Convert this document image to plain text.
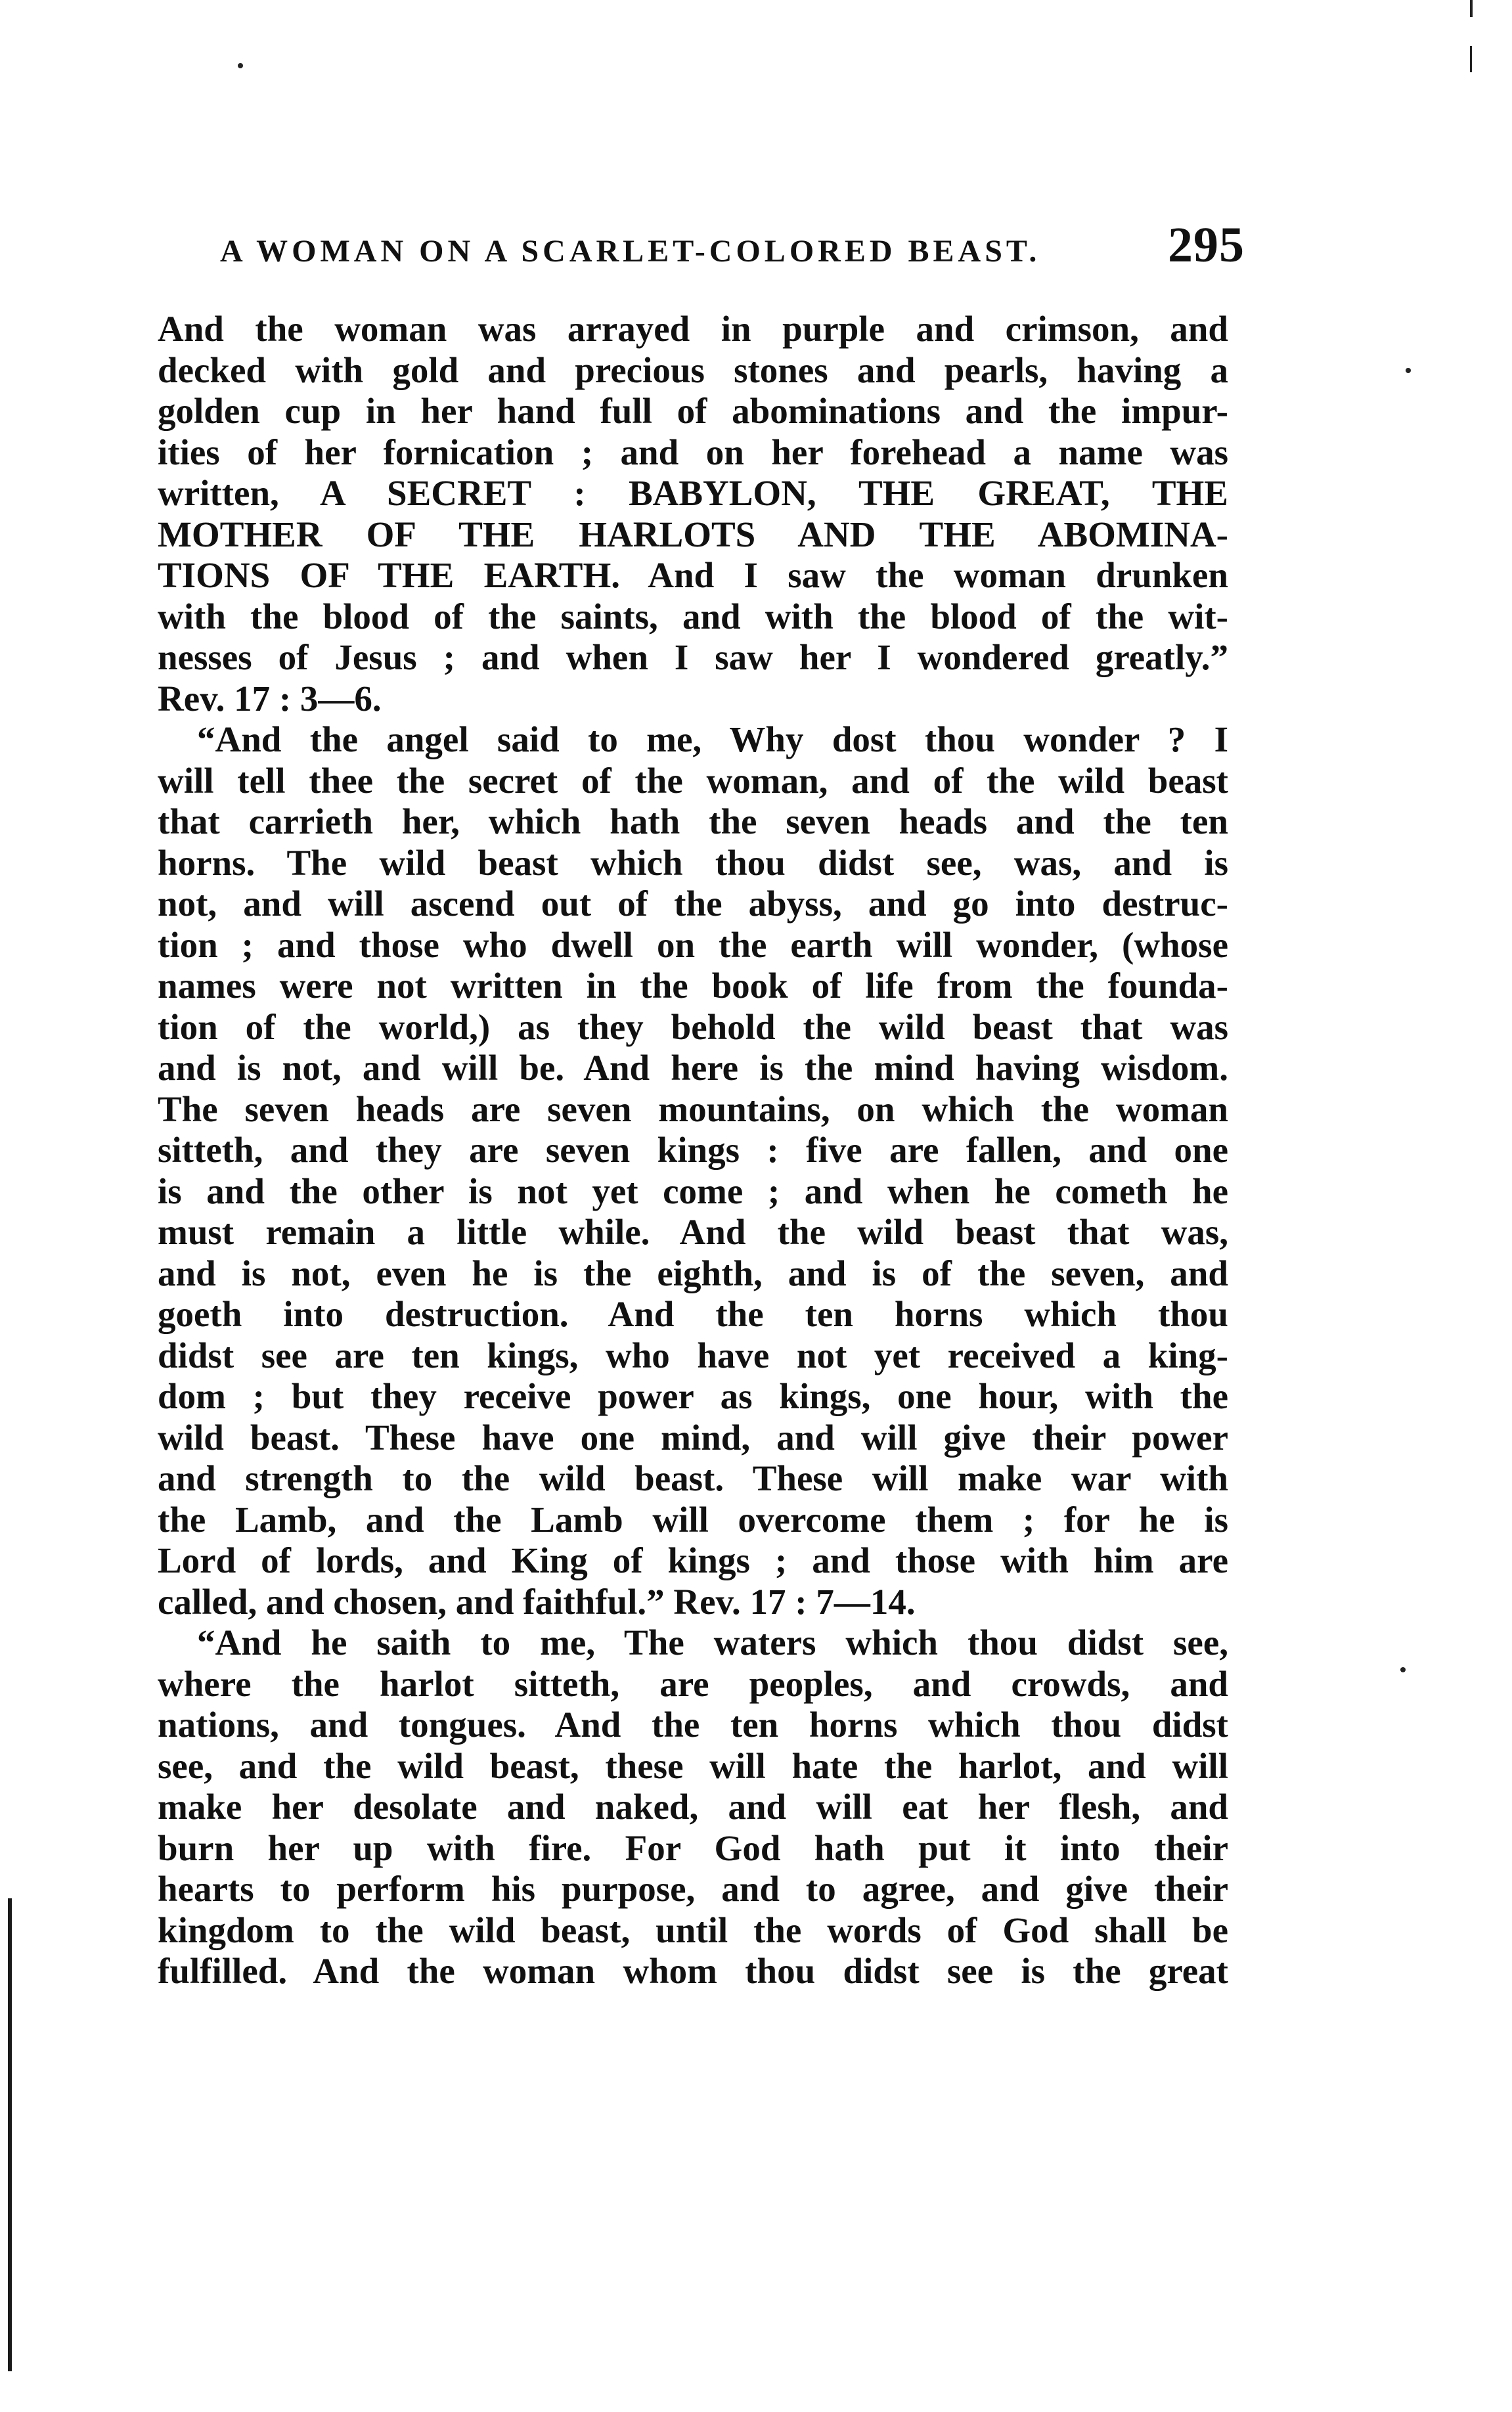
A WOMAN ON A SCARLET-COLORED BEAST.	295
And the woman was arrayed in purple and crimson, and
decked with gold and precious stones and pearls, having a
golden cup in her hand full of abominations and the impur-
ities of her fornication ; and on her forehead a name was
written, A SECRET : BABYLON, THE GREAT, THE
MOTHER OF THE HARLOTS AND THE ABOMINA-
TIONS OF THE EARTH. And I saw the woman drunken
with the blood of the saints, and with the blood of the wit-
nesses of Jesus ; and when I saw her I wondered greatly.”
Rev. 17 : 3—6.
“And the angel said to me, Why dost thou wonder ? I
will tell thee the secret of the woman, and of the wild beast
that carrieth her, which hath the seven heads and the ten
horns. The wild beast which thou didst see, was, and is
not, and will ascend out of the abyss, and go into destruc-
tion ; and those who dwell on the earth will wonder, (whose
names were not written in the book of life from the founda-
tion of the world,) as they behold the wild beast that was
and is not, and will be. And here is the mind having wisdom.
The seven heads are seven mountains, on which the woman
sitteth, and they are seven kings : five are fallen, and one
is and the other is not yet come ; and when he cometh he
must remain a little while. And the wild beast that was,
and is not, even he is the eighth, and is of the seven, and
goeth into destruction. And the ten horns which thou
didst see are ten kings, who have not yet received a king-
dom ; but they receive power as kings, one hour, with the
wild beast. These have one mind, and will give their power
and strength to the wild beast. These will make war with
the Lamb, and the Lamb will overcome them ; for he is
Lord of lords, and King of kings ; and those with him are
called, and chosen, and faithful.” Rev. 17 : 7—14.
“And he saith to me, The waters which thou didst see,
where the harlot sitteth, are peoples, and crowds, and
nations, and tongues. And the ten horns which thou didst
see, and the wild beast, these will hate the harlot, and will
make her desolate and naked, and will eat her flesh, and
burn her up with fire. For God hath put it into their
hearts to perform his purpose, and to agree, and give their
kingdom to the wild beast, until the words of God shall be
fulfilled. And the woman whom thou didst see is the great
